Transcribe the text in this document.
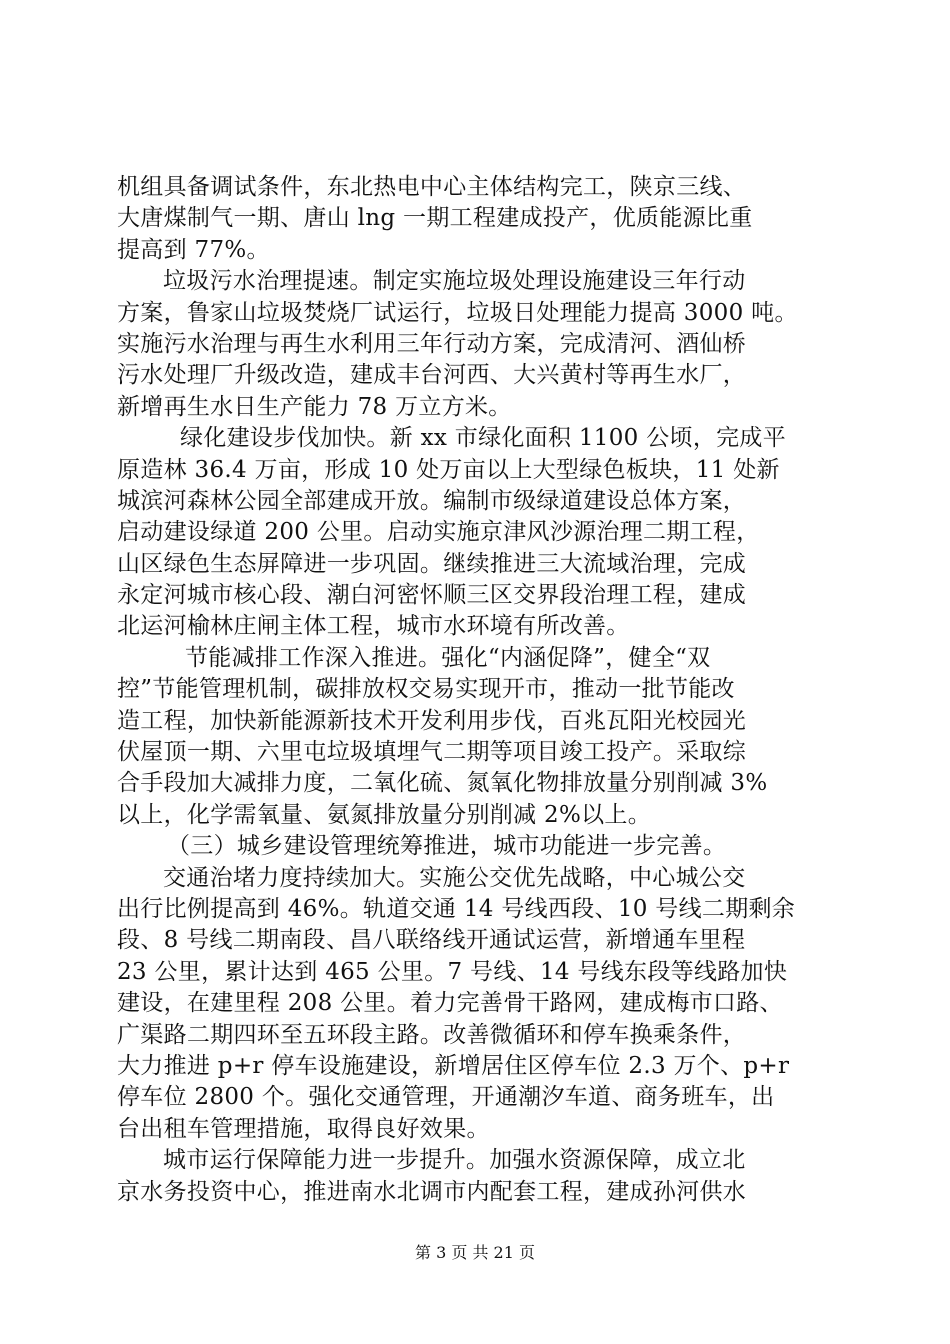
机组具备调试条件，东北热电中心主体结构完工，陕京三线、
大唐煤制气一期、唐山 lng 一期工程建成投产，优质能源比重
提高到 77%。
垃圾污水治理提速。制定实施垃圾处理设施建设三年行动
方案，鲁家山垃圾焚烧厂试运行，垃圾日处理能力提高 3000 吨。
实施污水治理与再生水利用三年行动方案，完成清河、酒仙桥
污水处理厂升级改造，建成丰台河西、大兴黄村等再生水厂，
新增再生水日生产能力 78 万立方米。
绿化建设步伐加快。新 xx 市绿化面积 1100 公顷，完成平
原造林 36.4 万亩，形成 10 处万亩以上大型绿色板块，11 处新
城滨河森林公园全部建成开放。编制市级绿道建设总体方案，
启动建设绿道 200 公里。启动实施京津风沙源治理二期工程，
山区绿色生态屏障进一步巩固。继续推进三大流域治理，完成
永定河城市核心段、潮白河密怀顺三区交界段治理工程，建成
北运河榆林庄闸主体工程，城市水环境有所改善。
节能减排工作深入推进。强化“内涵促降”，健全“双
控”节能管理机制，碳排放权交易实现开市，推动一批节能改
造工程，加快新能源新技术开发利用步伐，百兆瓦阳光校园光
伏屋顶一期、六里屯垃圾填埋气二期等项目竣工投产。采取综
合手段加大减排力度，二氧化硫、氮氧化物排放量分别削减 3%
以上，化学需氧量、氨氮排放量分别削减 2%以上。
（三）城乡建设管理统筹推进，城市功能进一步完善。
交通治堵力度持续加大。实施公交优先战略，中心城公交
出行比例提高到 46%。轨道交通 14 号线西段、10 号线二期剩余
段、8 号线二期南段、昌八联络线开通试运营，新增通车里程
23 公里，累计达到 465 公里。7 号线、14 号线东段等线路加快
建设，在建里程 208 公里。着力完善骨干路网，建成梅市口路、
广渠路二期四环至五环段主路。改善微循环和停车换乘条件，
大力推进 p+r 停车设施建设，新增居住区停车位 2.3 万个、p+r
停车位 2800 个。强化交通管理，开通潮汐车道、商务班车，出
台出租车管理措施，取得良好效果。
城市运行保障能力进一步提升。加强水资源保障，成立北
京水务投资中心，推进南水北调市内配套工程，建成孙河供水
第 3 页 共 21 页
